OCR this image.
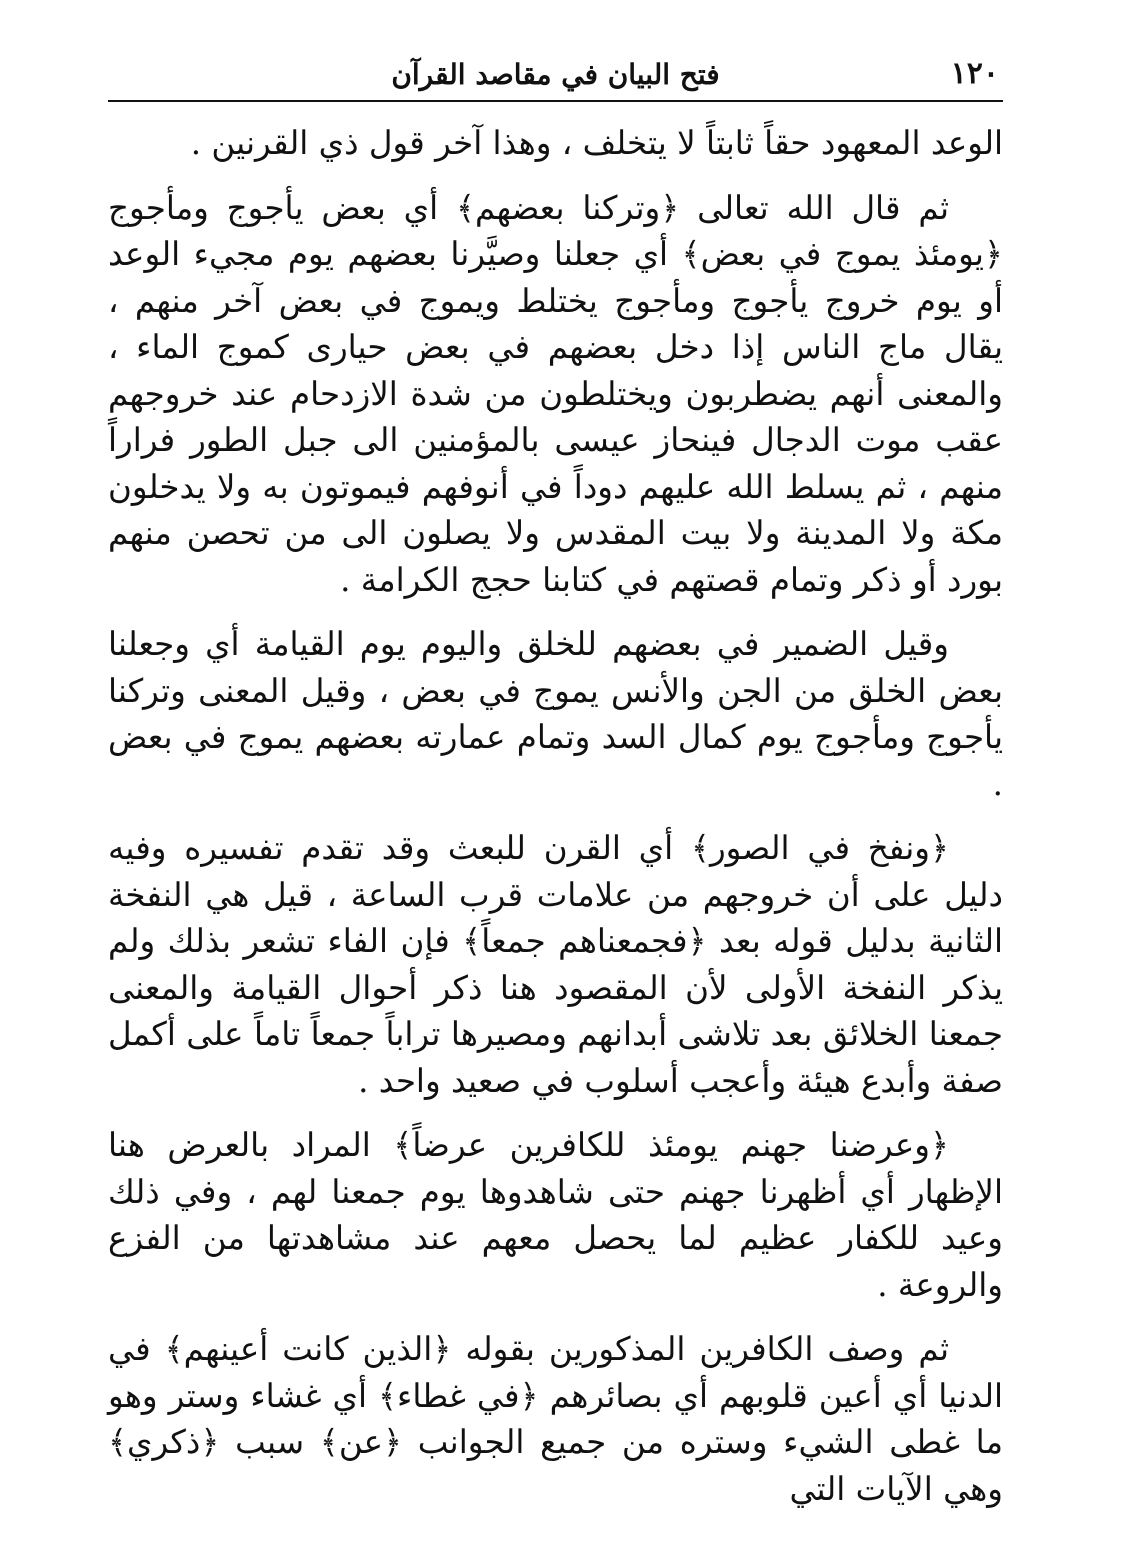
١٢٠
فتح البيان في مقاصد القرآن

الوعد المعهود حقاً ثابتاً لا يتخلف ، وهذا آخر قول ذي القرنين .

ثم قال الله تعالى ﴿وتركنا بعضهم﴾ أي بعض يأجوج ومأجوج ﴿يومئذ يموج في بعض﴾ أي جعلنا وصيَّرنا بعضهم يوم مجيء الوعد أو يوم خروج يأجوج ومأجوج يختلط ويموج في بعض آخر منهم ، يقال ماج الناس إذا دخل بعضهم في بعض حيارى كموج الماء ، والمعنى أنهم يضطربون ويختلطون من شدة الازدحام عند خروجهم عقب موت الدجال فينحاز عيسى بالمؤمنين الى جبل الطور فراراً منهم ، ثم يسلط الله عليهم دوداً في أنوفهم فيموتون به ولا يدخلون مكة ولا المدينة ولا بيت المقدس ولا يصلون الى من تحصن منهم بورد أو ذكر وتمام قصتهم في كتابنا حجج الكرامة .

وقيل الضمير في بعضهم للخلق واليوم يوم القيامة أي وجعلنا بعض الخلق من الجن والأنس يموج في بعض ، وقيل المعنى وتركنا يأجوج ومأجوج يوم كمال السد وتمام عمارته بعضهم يموج في بعض .

﴿ونفخ في الصور﴾ أي القرن للبعث وقد تقدم تفسيره وفيه دليل على أن خروجهم من علامات قرب الساعة ، قيل هي النفخة الثانية بدليل قوله بعد ﴿فجمعناهم جمعاً﴾ فإن الفاء تشعر بذلك ولم يذكر النفخة الأولى لأن المقصود هنا ذكر أحوال القيامة والمعنى جمعنا الخلائق بعد تلاشى أبدانهم ومصيرها تراباً جمعاً تاماً على أكمل صفة وأبدع هيئة وأعجب أسلوب في صعيد واحد .

﴿وعرضنا جهنم يومئذ للكافرين عرضاً﴾ المراد بالعرض هنا الإظهار أي أظهرنا جهنم حتى شاهدوها يوم جمعنا لهم ، وفي ذلك وعيد للكفار عظيم لما يحصل معهم عند مشاهدتها من الفزع والروعة .

ثم وصف الكافرين المذكورين بقوله ﴿الذين كانت أعينهم﴾ في الدنيا أي أعين قلوبهم أي بصائرهم ﴿في غطاء﴾ أي غشاء وستر وهو ما غطى الشيء وستره من جميع الجوانب ﴿عن﴾ سبب ﴿ذكري﴾ وهي الآيات التي
